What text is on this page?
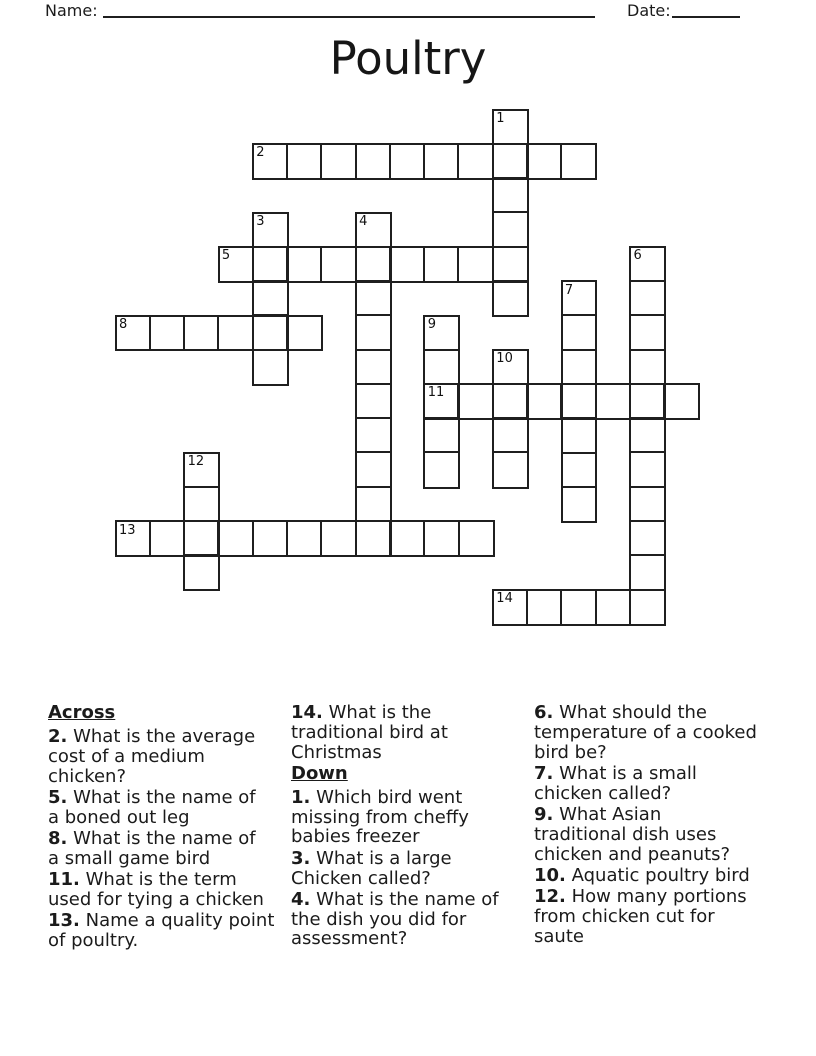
Name:	Date:
Poultry
1
2
3	4
5	6
7
8	9
10
11
12
13
14
Across

2. What is the average
cost of a medium
chicken?

5. What is the name of
a boned out leg

8. What is the name of
a small game bird

11. What is the term
used for tying a chicken

13. Name a quality point
of poultry.

14. What is the
traditional bird at
Christmas

Down

1. Which bird went
missing from cheffy
babies freezer

3. What is a large
Chicken called?

4. What is the name of
the dish you did for
assessment?

6. What should the
temperature of a cooked
bird be?

7. What is a small
chicken called?

9. What Asian
traditional dish uses
chicken and peanuts?

10. Aquatic poultry bird

12. How many portions
from chicken cut for
saute
